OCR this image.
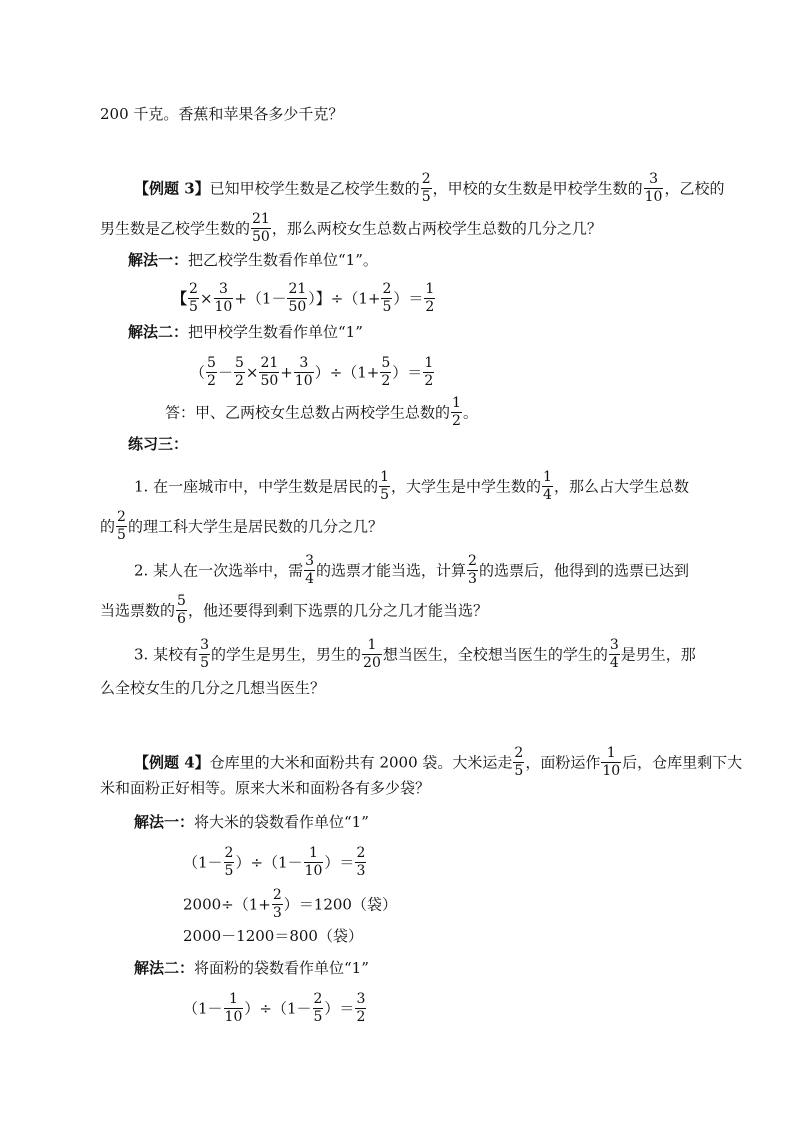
200 千克。香蕉和苹果各多少千克？
【例题 3】已知甲校学生数是乙校学生数的 $\frac{2}{5}$ ，甲校的女生数是甲校学生数的 $\frac{3}{10}$ ，乙校的
男生数是乙校学生数的 $\frac{21}{50}$ ，那么两校女生总数占两校学生总数的几分之几？
解法一：把乙校学生数看作单位“1”。
【 $\frac{2}{5} \times \frac{3}{10} +(1- \frac{21}{50}$ ）】$\div(1+ \frac{2}{5}$ ）＝ $\frac{1}{2}$
解法二：把甲校学生数看作单位“1”
（ $\frac{5}{2} - \frac{5}{2} \times \frac{21}{50} + \frac{3}{10} )\div(1+ \frac{5}{2}$ ）＝ $\frac{1}{2}$
答：甲、乙两校女生总数占两校学生总数的 $\frac{1}{2}$ 。
练习三：
1. 在一座城市中，中学生数是居民的 $\frac{1}{5}$ ，大学生是中学生数的 $\frac{1}{4}$ ，那么占大学生总数
的 $\frac{2}{5}$ 的理工科大学生是居民数的几分之几？
2. 某人在一次选举中，需 $\frac{3}{4}$ 的选票才能当选，计算 $\frac{2}{3}$ 的选票后，他得到的选票已达到
当选票数的 $\frac{5}{6}$ ，他还要得到剩下选票的几分之几才能当选？
3. 某校有 $\frac{3}{5}$ 的学生是男生，男生的 $\frac{1}{20}$ 想当医生，全校想当医生的学生的 $\frac{3}{4}$ 是男生，那
么全校女生的几分之几想当医生？
【例题 4】仓库里的大米和面粉共有 2000 袋。大米运走 $\frac{2}{5}$ ，面粉运作 $\frac{1}{10}$ 后，仓库里剩下大
米和面粉正好相等。原来大米和面粉各有多少袋？
解法一：将大米的袋数看作单位“1”
$(1- \frac{2}{5} )\div(1- \frac{1}{10}$ ）＝ $\frac{2}{3}$
$2000\div(1+ \frac{2}{3} )=1200$（袋）
2000－1200＝800（袋）
解法二：将面粉的袋数看作单位“1”
$(1- \frac{1}{10} )\div(1- \frac{2}{5}$ ）＝ $\frac{3}{2}$
